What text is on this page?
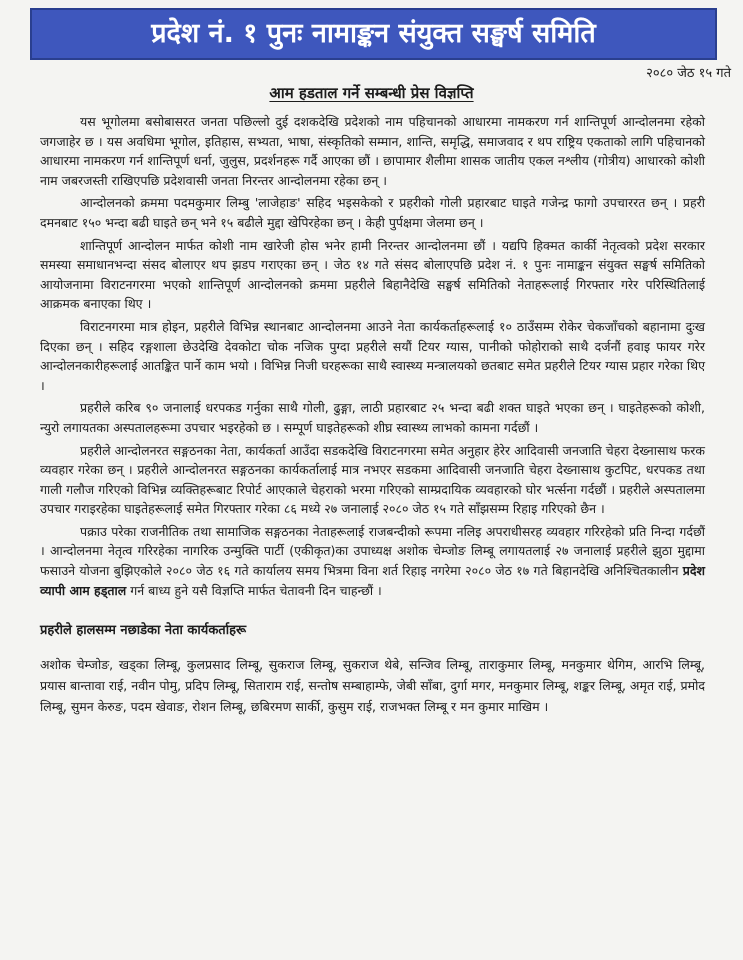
प्रदेश नं. १ पुनः नामाङ्कन संयुक्त सङ्घर्ष समिति
२०८० जेठ १५ गते
आम हडताल गर्ने सम्बन्धी प्रेस विज्ञप्ति

यस भूगोलमा बसोबासरत जनता पछिल्लो दुई दशकदेखि प्रदेशको नाम पहिचानको आधारमा नामकरण गर्न शान्तिपूर्ण आन्दोलनमा रहेको जगजाहेर छ । यस अवधिमा भूगोल, इतिहास, सभ्यता, भाषा, संस्कृतिको सम्मान, शान्ति, समृद्धि, समाजवाद र थप राष्ट्रिय एकताको लागि पहिचानको आधारमा नामकरण गर्न शान्तिपूर्ण धर्ना, जुलुस, प्रदर्शनहरू गर्दै आएका छौं । छापामार शैलीमा शासक जातीय एकल नश्लीय (गोत्रीय) आधारको कोशी नाम जबरजस्ती राखिएपछि प्रदेशवासी जनता निरन्तर आन्दोलनमा रहेका छन् ।

आन्दोलनको क्रममा पदमकुमार लिम्बु 'लाजेहाङ' सहिद भइसकेको र प्रहरीको गोली प्रहारबाट घाइते गजेन्द्र फागो उपचाररत छन् । प्रहरी दमनबाट १५० भन्दा बढी घाइते छन् भने १५ बढीले मुद्दा खेपिरहेका छन् । केही पुर्पक्षमा जेलमा छन् ।

शान्तिपूर्ण आन्दोलन मार्फत कोशी नाम खारेजी होस भनेर हामी निरन्तर आन्दोलनमा छौं । यद्यपि हिक्मत कार्की नेतृत्वको प्रदेश सरकार समस्या समाधानभन्दा संसद बोलाएर थप झडप गराएका छन् । जेठ १४ गते संसद बोलाएपछि प्रदेश नं. १ पुनः नामाङ्कन संयुक्त सङ्घर्ष समितिको आयोजनामा विराटनगरमा भएको शान्तिपूर्ण आन्दोलनको क्रममा प्रहरीले बिहानैदेखि सङ्घर्ष समितिको नेताहरूलाई गिरफ्तार गरेर परिस्थितिलाई आक्रमक बनाएका थिए ।

विराटनगरमा मात्र होइन, प्रहरीले विभिन्न स्थानबाट आन्दोलनमा आउने नेता कार्यकर्ताहरूलाई १० ठाउँसम्म रोकेर चेकजाँचको बहानामा दुःख दिएका छन् । सहिद रङ्गशाला छेउदेखि देवकोटा चोक नजिक पुग्दा प्रहरीले सयौं टियर ग्यास, पानीको फोहोराको साथै दर्जनौं हवाइ फायर गरेर आन्दोलनकारीहरूलाई आतङ्कित पार्ने काम भयो । विभिन्न निजी घरहरूका साथै स्वास्थ्य मन्त्रालयको छतबाट समेत प्रहरीले टियर ग्यास प्रहार गरेका थिए ।

प्रहरीले करिब ९० जनालाई धरपकड गर्नुका साथै गोली, ढुङ्गा, लाठी प्रहारबाट २५ भन्दा बढी शक्त घाइते भएका छन् । घाइतेहरूको कोशी, न्युरो लगायतका अस्पतालहरूमा उपचार भइरहेको छ । सम्पूर्ण घाइतेहरूको शीघ्र स्वास्थ्य लाभको कामना गर्दछौं ।

प्रहरीले आन्दोलनरत सङ्गठनका नेता, कार्यकर्ता आउँदा सडकदेखि विराटनगरमा समेत अनुहार हेरेर आदिवासी जनजाति चेहरा देख्नासाथ फरक व्यवहार गरेका छन् । प्रहरीले आन्दोलनरत सङ्गठनका कार्यकर्तालाई मात्र नभएर सडकमा आदिवासी जनजाति चेहरा देख्नासाथ कुटपिट, धरपकड तथा गाली गलौज गरिएको विभिन्न व्यक्तिहरूबाट रिपोर्ट आएकाले चेहराको भरमा गरिएको साम्प्रदायिक व्यवहारको घोर भर्त्सना गर्दछौं । प्रहरीले अस्पतालमा उपचार गराइरहेका घाइतेहरूलाई समेत गिरफ्तार गरेका ८६ मध्ये २७ जनालाई २०८० जेठ १५ गते साँझसम्म रिहाइ गरिएको छैन ।

पक्राउ परेका राजनीतिक तथा सामाजिक सङ्गठनका नेताहरूलाई राजबन्दीको रूपमा नलिइ अपराधीसरह व्यवहार गरिरहेको प्रति निन्दा गर्दछौं । आन्दोलनमा नेतृत्व गरिरहेका नागरिक उन्मुक्ति पार्टी (एकीकृत)का उपाध्यक्ष अशोक चेम्जोङ लिम्बू लगायतलाई २७ जनालाई प्रहरीले झुठा मुद्दामा फसाउने योजना बुझिएकोले २०८० जेठ १६ गते कार्यालय समय भित्रमा विना शर्त रिहाइ नगरेमा २०८० जेठ १७ गते बिहानदेखि अनिश्चितकालीन प्रदेश व्यापी आम हड्ताल गर्न बाध्य हुने यसै विज्ञप्ति मार्फत चेतावनी दिन चाहन्छौं ।

प्रहरीले हालसम्म नछाडेका नेता कार्यकर्ताहरू

अशोक चेम्जोङ, खड्का लिम्बू, कुलप्रसाद लिम्बू, सुकराज लिम्बू, सुकराज थेबे, सन्जिव लिम्बू, ताराकुमार लिम्बू, मनकुमार थेगिम, आरभि लिम्बू, प्रयास बान्तावा राई, नवीन पोमु, प्रदिप लिम्बू, सिताराम राई, सन्तोष सम्बाहाम्फे, जेबी साँबा, दुर्गा मगर, मनकुमार लिम्बू, शङ्कर लिम्बू, अमृत राई, प्रमोद लिम्बू, सुमन केरुङ, पदम खेवाङ, रोशन लिम्बू, छबिरमण सार्की, कुसुम राई, राजभक्त लिम्बू र मन कुमार माखिम ।
